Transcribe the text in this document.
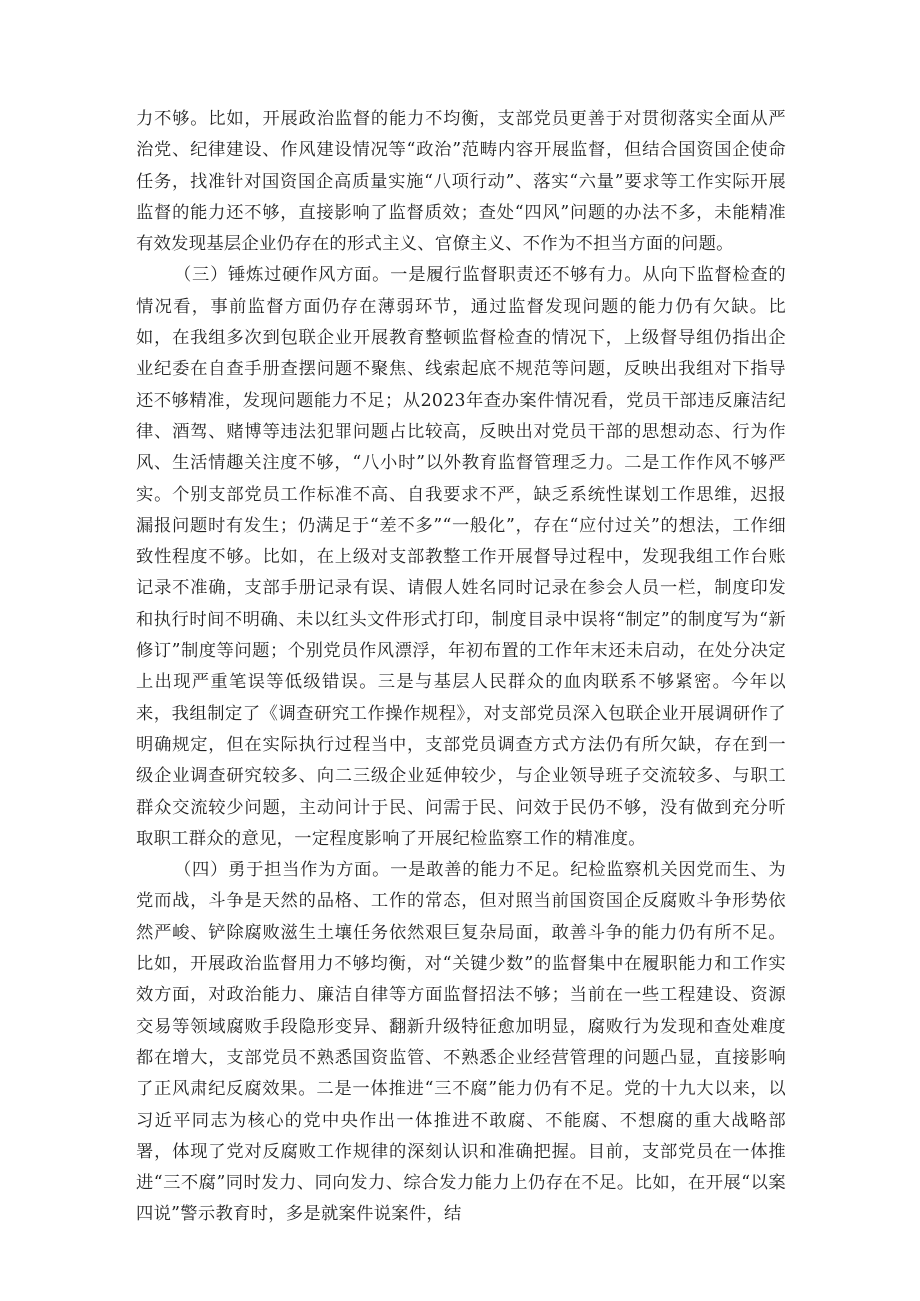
力不够。比如，开展政治监督的能力不均衡，支部党员更善于对贯彻落实全面从严治党、纪律建设、作风建设情况等“政治”范畴内容开展监督，但结合国资国企使命任务，找准针对国资国企高质量实施“八项行动”、落实“六量”要求等工作实际开展监督的能力还不够，直接影响了监督质效；查处“四风”问题的办法不多，未能精准有效发现基层企业仍存在的形式主义、官僚主义、不作为不担当方面的问题。

（三）锤炼过硬作风方面。一是履行监督职责还不够有力。从向下监督检查的情况看，事前监督方面仍存在薄弱环节，通过监督发现问题的能力仍有欠缺。比如，在我组多次到包联企业开展教育整顿监督检查的情况下，上级督导组仍指出企业纪委在自查手册查摆问题不聚焦、线索起底不规范等问题，反映出我组对下指导还不够精准，发现问题能力不足；从2023年查办案件情况看，党员干部违反廉洁纪律、酒驾、赌博等违法犯罪问题占比较高，反映出对党员干部的思想动态、行为作风、生活情趣关注度不够，“八小时”以外教育监督管理乏力。二是工作作风不够严实。个别支部党员工作标准不高、自我要求不严，缺乏系统性谋划工作思维，迟报漏报问题时有发生；仍满足于“差不多”“一般化”，存在“应付过关”的想法，工作细致性程度不够。比如，在上级对支部教整工作开展督导过程中，发现我组工作台账记录不准确，支部手册记录有误、请假人姓名同时记录在参会人员一栏，制度印发和执行时间不明确、未以红头文件形式打印，制度目录中误将“制定”的制度写为“新修订”制度等问题；个别党员作风漂浮，年初布置的工作年末还未启动，在处分决定上出现严重笔误等低级错误。三是与基层人民群众的血肉联系不够紧密。今年以来，我组制定了《调查研究工作操作规程》，对支部党员深入包联企业开展调研作了明确规定，但在实际执行过程当中，支部党员调查方式方法仍有所欠缺，存在到一级企业调查研究较多、向二三级企业延伸较少，与企业领导班子交流较多、与职工群众交流较少问题，主动问计于民、问需于民、问效于民仍不够，没有做到充分听取职工群众的意见，一定程度影响了开展纪检监察工作的精准度。

（四）勇于担当作为方面。一是敢善的能力不足。纪检监察机关因党而生、为党而战，斗争是天然的品格、工作的常态，但对照当前国资国企反腐败斗争形势依然严峻、铲除腐败滋生土壤任务依然艰巨复杂局面，敢善斗争的能力仍有所不足。比如，开展政治监督用力不够均衡，对“关键少数”的监督集中在履职能力和工作实效方面，对政治能力、廉洁自律等方面监督招法不够；当前在一些工程建设、资源交易等领域腐败手段隐形变异、翻新升级特征愈加明显，腐败行为发现和查处难度都在增大，支部党员不熟悉国资监管、不熟悉企业经营管理的问题凸显，直接影响了正风肃纪反腐效果。二是一体推进“三不腐”能力仍有不足。党的十九大以来，以习近平同志为核心的党中央作出一体推进不敢腐、不能腐、不想腐的重大战略部署，体现了党对反腐败工作规律的深刻认识和准确把握。目前，支部党员在一体推进“三不腐”同时发力、同向发力、综合发力能力上仍存在不足。比如，在开展“以案四说”警示教育时，多是就案件说案件，结
